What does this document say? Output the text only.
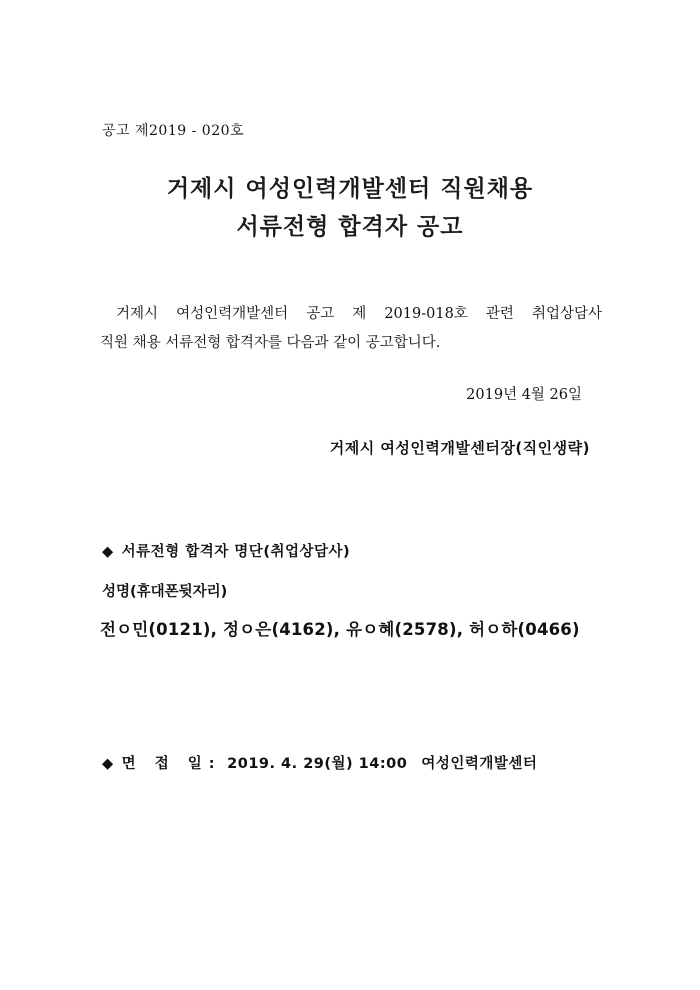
공고 제2019 - 020호
거제시 여성인력개발센터 직원채용
서류전형 합격자 공고
거제시 여성인력개발센터 공고 제 2019-018호 관련 취업상담사
직원 채용 서류전형 합격자를 다음과 같이 공고합니다.
2019년 4월 26일
거제시 여성인력개발센터장(직인생략)
◆ 서류전형 합격자 명단(취업상담사)
성명(휴대폰뒷자리)
전ㅇ민(0121), 정ㅇ은(4162), 유ㅇ혜(2578), 허ㅇ하(0466)
◆ 면 접 일: 2019. 4. 29(월) 14:00 여성인력개발센터
